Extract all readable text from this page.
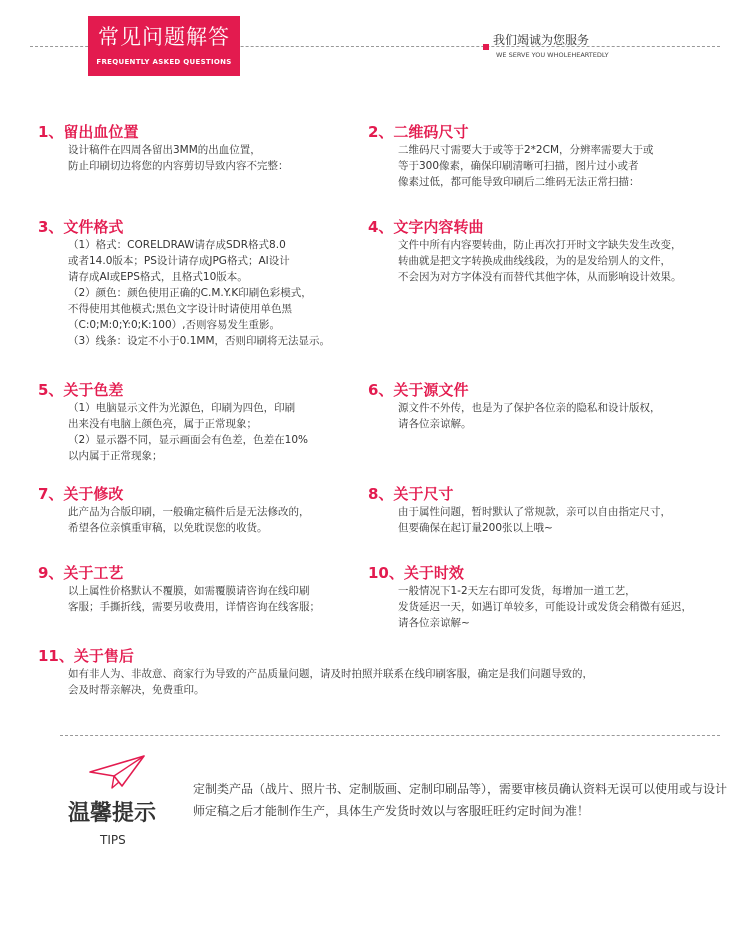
常见问题解答
FREQUENTLY ASKED QUESTIONS
我们竭诚为您服务
WE SERVE YOU WHOLEHEARTEDLY
1、留出血位置
设计稿件在四周各留出3MM的出血位置，
防止印刷切边将您的内容剪切导致内容不完整：
2、二维码尺寸
二维码尺寸需要大于或等于2*2CM，分辨率需要大于或
等于300像素，确保印刷清晰可扫描，图片过小或者
像素过低，都可能导致印刷后二维码无法正常扫描：
3、文件格式
（1）格式：CORELDRAW请存成SDR格式8.0
或者14.0版本；PS设计请存成JPG格式；AI设计
请存成AI或EPS格式，且格式10版本。
（2）颜色：颜色使用正确的C.M.Y.K印刷色彩模式，
不得使用其他模式;黑色文字设计时请使用单色黑
（C:0;M:0;Y:0;K:100）,否则容易发生重影。
（3）线条：设定不小于0.1MM，否则印刷将无法显示。
4、文字内容转曲
文件中所有内容要转曲，防止再次打开时文字缺失发生改变，
转曲就是把文字转换成曲线线段，为的是发给别人的文件，
不会因为对方字体没有而替代其他字体，从而影响设计效果。
5、关于色差
（1）电脑显示文件为光源色，印刷为四色，印刷
出来没有电脑上颜色亮，属于正常现象；
（2）显示器不同，显示画面会有色差，色差在10%
以内属于正常现象；
6、关于源文件
源文件不外传，也是为了保护各位亲的隐私和设计版权，
请各位亲谅解。
7、关于修改
此产品为合版印刷，一般确定稿件后是无法修改的，
希望各位亲慎重审稿，以免耽误您的收货。
8、关于尺寸
由于属性问题，暂时默认了常规款，亲可以自由指定尺寸，
但要确保在起订量200张以上哦~
9、关于工艺
以上属性价格默认不覆膜，如需覆膜请咨询在线印刷
客服；手撕折线，需要另收费用，详情咨询在线客服；
10、关于时效
一般情况下1-2天左右即可发货，每增加一道工艺，
发货延迟一天，如遇订单较多，可能设计或发货会稍微有延迟，
请各位亲谅解~
11、关于售后
如有非人为、非故意、商家行为导致的产品质量问题，请及时拍照并联系在线印刷客服，确定是我们问题导致的，
会及时帮亲解决，免费重印。
温馨提示
TIPS
定制类产品（战片、照片书、定制版画、定制印刷品等），需要审核员确认资料无误可以使用或与设计师定稿之后才能制作生产，具体生产发货时效以与客服旺旺约定时间为准！
